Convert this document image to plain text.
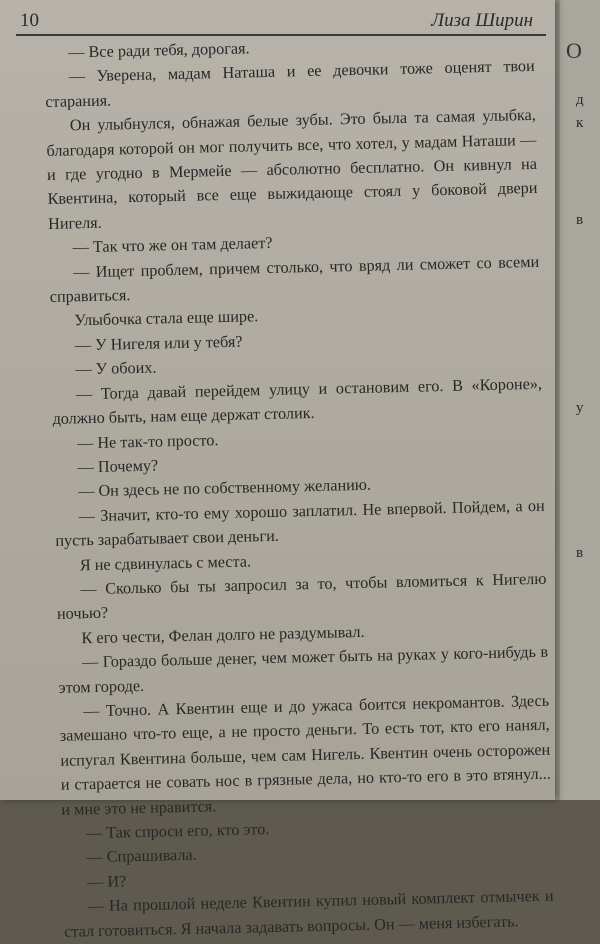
O
д
к
в
у
в
10	Лиза Ширин

— Все ради тебя, дорогая.

— Уверена, мадам Наташа и ее девочки тоже оценят твои старания.

Он улыбнулся, обнажая белые зубы. Это была та самая улыбка, благодаря которой он мог получить все, что хотел, у мадам Наташи — и где угодно в Мермейе — абсолютно бесплатно. Он кивнул на Квентина, который все еще выжидающе стоял у боковой двери Нигеля.

— Так что же он там делает?

— Ищет проблем, причем столько, что вряд ли сможет со всеми справиться.

Улыбочка стала еще шире.

— У Нигеля или у тебя?

— У обоих.

— Тогда давай перейдем улицу и остановим его. В «Короне», должно быть, нам еще держат столик.

— Не так-то просто.

— Почему?

— Он здесь не по собственному желанию.

— Значит, кто-то ему хорошо заплатил. Не впервой. Пойдем, а он пусть зарабатывает свои деньги.

Я не сдвинулась с места.

— Сколько бы ты запросил за то, чтобы вломиться к Нигелю ночью?

К его чести, Фелан долго не раздумывал.

— Гораздо больше денег, чем может быть на руках у кого-нибудь в этом городе.

— Точно. А Квентин еще и до ужаса боится некромантов. Здесь замешано что-то еще, а не просто деньги. То есть тот, кто его нанял, испугал Квентина больше, чем сам Нигель. Квентин очень осторожен и старается не совать нос в грязные дела, но кто-то его в это втянул... и мне это не нравится.

— Так спроси его, кто это.

— Спрашивала.

— И?

— На прошлой неделе Квентин купил новый комплект отмычек и стал готовиться. Я начала задавать вопросы. Он — меня избегать.
